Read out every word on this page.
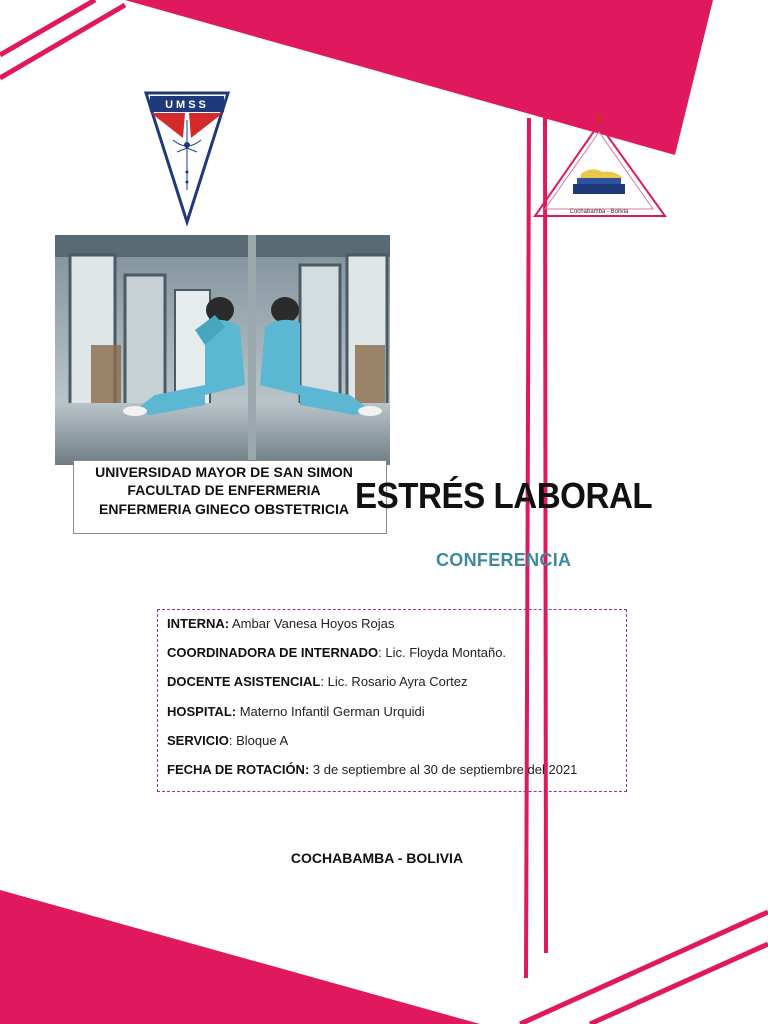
UMSS
Cochabamba - Bolivia
UNIVERSIDAD MAYOR DE SAN SIMON
FACULTAD DE ENFERMERIA
ENFERMERIA GINECO OBSTETRICIA ESTRÉS LABORAL
CONFERENCIA
INTERNA: Ambar Vanesa Hoyos Rojas
COORDINADORA DE INTERNADO: Lic. Floyda Montaño.
DOCENTE ASISTENCIAL: Lic. Rosario Ayra Cortez
HOSPITAL: Materno Infantil German Urquidi
SERVICIO: Bloque A
FECHA DE ROTACIÓN: 3 de septiembre al 30 de septiembre del 2021
COCHABAMBA - BOLIVIA
